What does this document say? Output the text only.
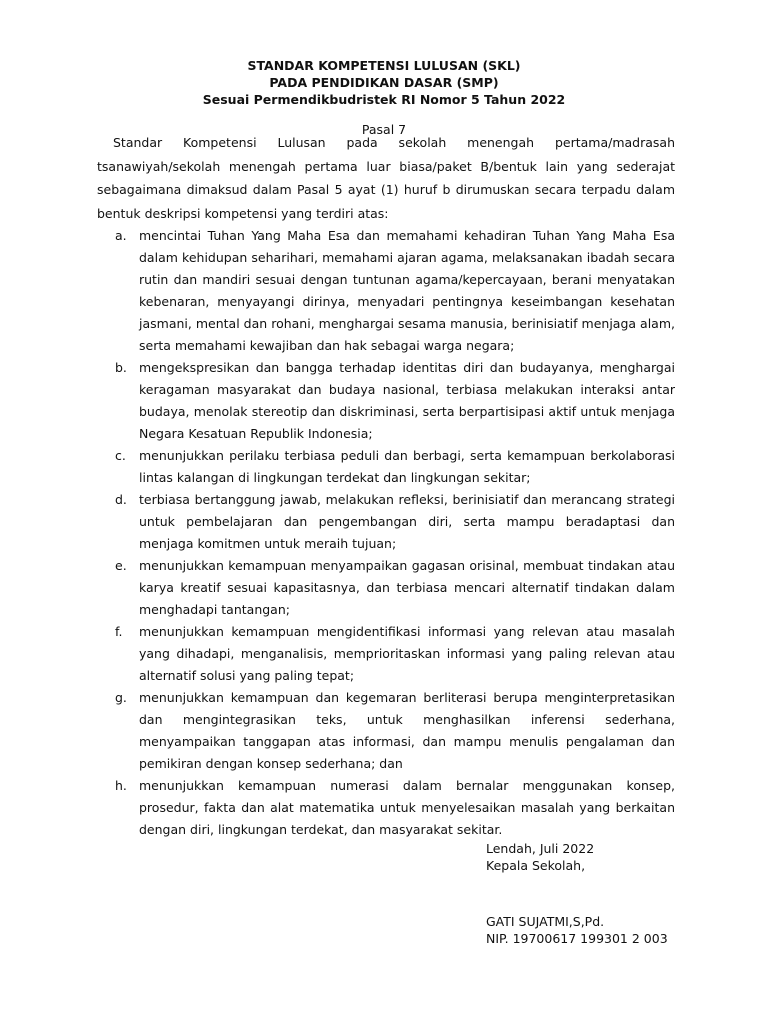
STANDAR KOMPETENSI LULUSAN (SKL)
PADA PENDIDIKAN DASAR (SMP)
Sesuai Permendikbudristek RI Nomor 5 Tahun 2022
Pasal 7
Standar Kompetensi Lulusan pada sekolah menengah pertama/madrasah tsanawiyah/sekolah menengah pertama luar biasa/paket B/bentuk lain yang sederajat sebagaimana dimaksud dalam Pasal 5 ayat (1) huruf b dirumuskan secara terpadu dalam bentuk deskripsi kompetensi yang terdiri atas:
a. mencintai Tuhan Yang Maha Esa dan memahami kehadiran Tuhan Yang Maha Esa dalam kehidupan seharihari, memahami ajaran agama, melaksanakan ibadah secara rutin dan mandiri sesuai dengan tuntunan agama/kepercayaan, berani menyatakan kebenaran, menyayangi dirinya, menyadari pentingnya keseimbangan kesehatan jasmani, mental dan rohani, menghargai sesama manusia, berinisiatif menjaga alam, serta memahami kewajiban dan hak sebagai warga negara;
b. mengekspresikan dan bangga terhadap identitas diri dan budayanya, menghargai keragaman masyarakat dan budaya nasional, terbiasa melakukan interaksi antar budaya, menolak stereotip dan diskriminasi, serta berpartisipasi aktif untuk menjaga Negara Kesatuan Republik Indonesia;
c. menunjukkan perilaku terbiasa peduli dan berbagi, serta kemampuan berkolaborasi lintas kalangan di lingkungan terdekat dan lingkungan sekitar;
d. terbiasa bertanggung jawab, melakukan refleksi, berinisiatif dan merancang strategi untuk pembelajaran dan pengembangan diri, serta mampu beradaptasi dan menjaga komitmen untuk meraih tujuan;
e. menunjukkan kemampuan menyampaikan gagasan orisinal, membuat tindakan atau karya kreatif sesuai kapasitasnya, dan terbiasa mencari alternatif tindakan dalam menghadapi tantangan;
f. menunjukkan kemampuan mengidentifikasi informasi yang relevan atau masalah yang dihadapi, menganalisis, memprioritaskan informasi yang paling relevan atau alternatif solusi yang paling tepat;
g. menunjukkan kemampuan dan kegemaran berliterasi berupa menginterpretasikan dan mengintegrasikan teks, untuk menghasilkan inferensi sederhana, menyampaikan tanggapan atas informasi, dan mampu menulis pengalaman dan pemikiran dengan konsep sederhana; dan
h. menunjukkan kemampuan numerasi dalam bernalar menggunakan konsep, prosedur, fakta dan alat matematika untuk menyelesaikan masalah yang berkaitan dengan diri, lingkungan terdekat, dan masyarakat sekitar.
Lendah, Juli 2022
Kepala Sekolah,
GATI SUJATMI,S,Pd.
NIP. 19700617 199301 2 003
